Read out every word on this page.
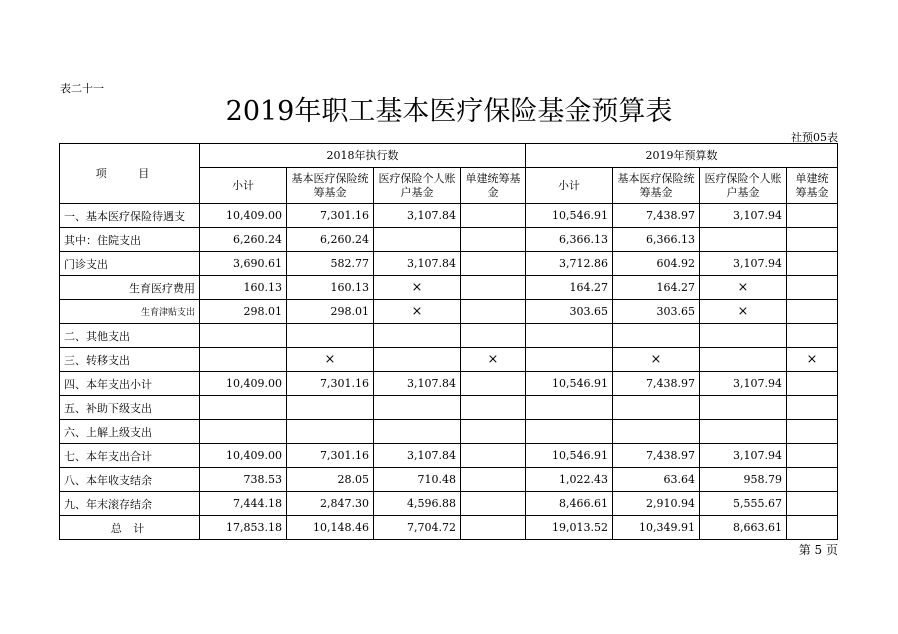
表二十一
2019年职工基本医疗保险基金预算表
社预05表
项 目	2018年执行数				2019年预算数			
	小计	基本医疗保险统筹基金	医疗保险个人账户基金	单建统筹基金	小计	基本医疗保险统筹基金	医疗保险个人账户基金	单建统筹基金
一、基本医疗保险待遇支	10,409.00	7,301.16	3,107.84		10,546.91	7,438.97	3,107.94	
其中：住院支出	6,260.24	6,260.24			6,366.13	6,366.13		
门诊支出	3,690.61	582.77	3,107.84		3,712.86	604.92	3,107.94	
生育医疗费用	160.13	160.13	×		164.27	164.27	×	
生育津贴支出	298.01	298.01	×		303.65	303.65	×	
二、其他支出								
三、转移支出		×		×		×		×
四、本年支出小计	10,409.00	7,301.16	3,107.84		10,546.91	7,438.97	3,107.94	
五、补助下级支出								
六、上解上级支出								
七、本年支出合计	10,409.00	7,301.16	3,107.84		10,546.91	7,438.97	3,107.94	
八、本年收支结余	738.53	28.05	710.48		1,022.43	63.64	958.79	
九、年末滚存结余	7,444.18	2,847.30	4,596.88		8,466.61	2,910.94	5,555.67	
总 计	17,853.18	10,148.46	7,704.72		19,013.52	10,349.91	8,663.61	
第 5 页
